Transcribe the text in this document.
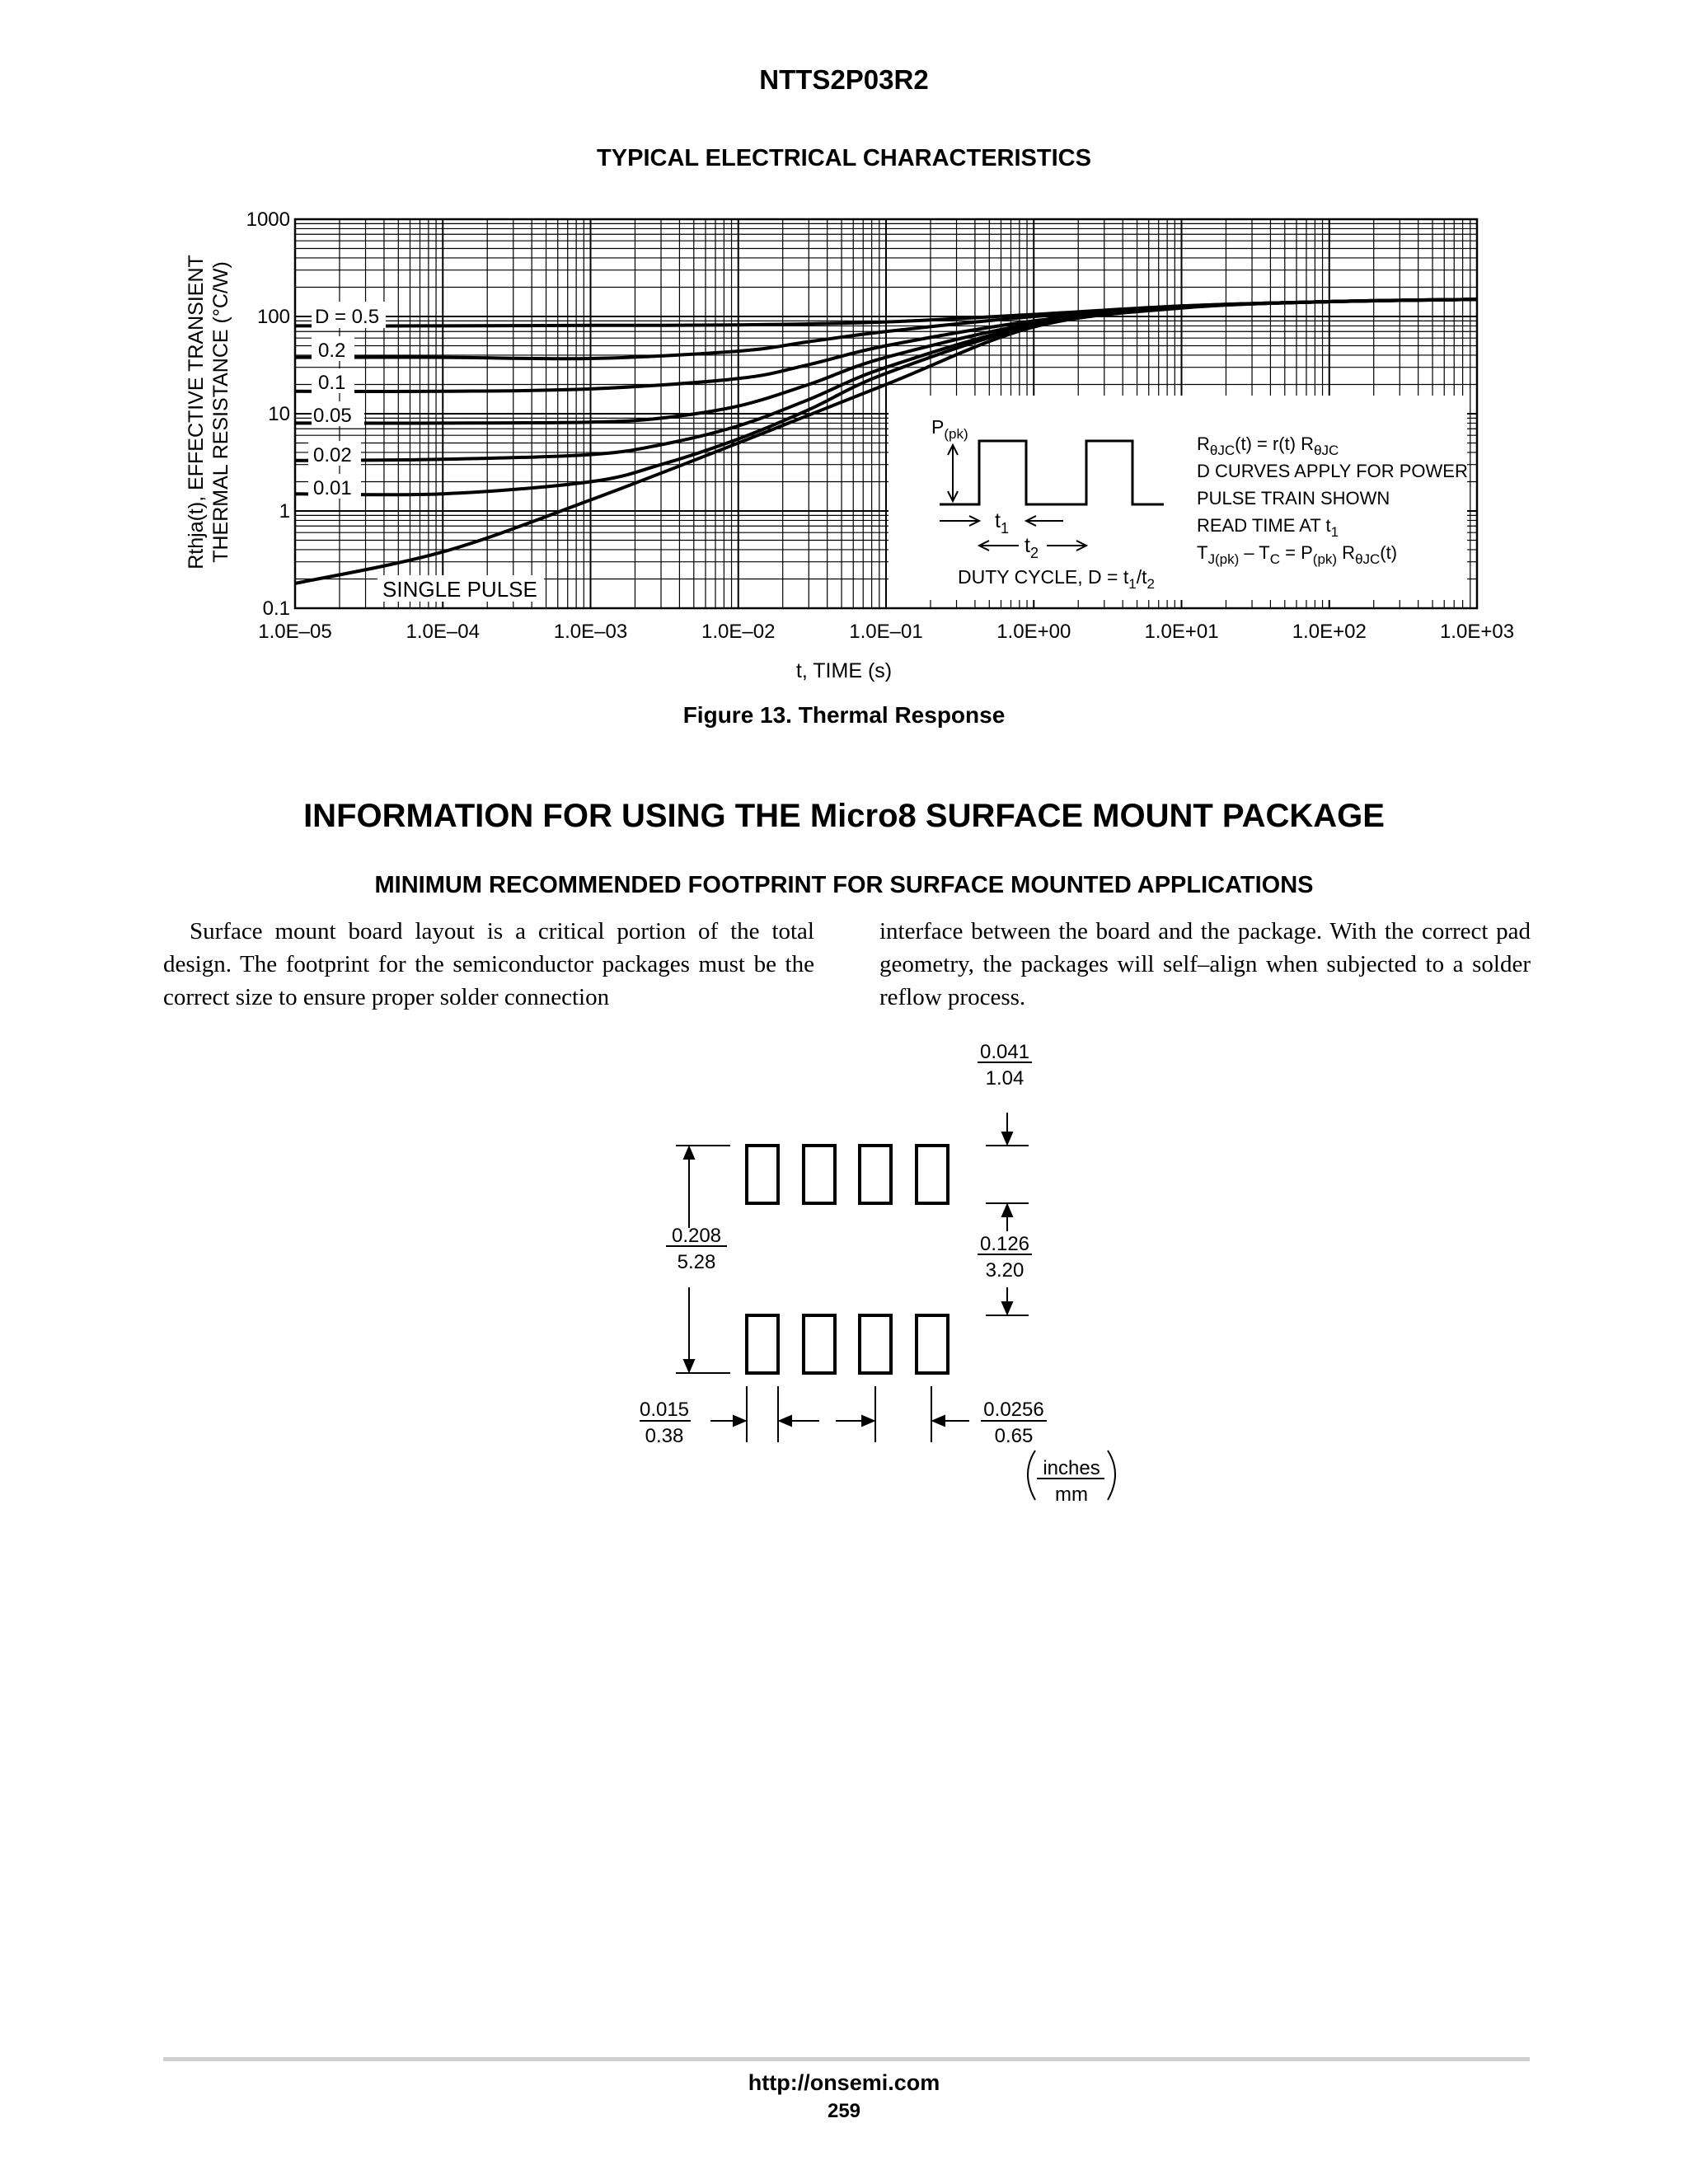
NTTS2P03R2
TYPICAL ELECTRICAL CHARACTERISTICS
1.0E–05	1.0E–04	1.0E–03	1.0E–02	1.0E–01	1.0E+00	1.0E+01	1.0E+02	1.0E+03
1000
100
10
1
0.1
D = 0.5
0.2
0.1
0.05
0.02
0.01
SINGLE PULSE
$P_{(pk)}$
$t_1$
$t_2$
DUTY CYCLE, $D = t_1/t_2$
$R_{\theta JC}(t) = r(t)$ $R_{\theta JC}$
D CURVES APPLY FOR POWER
PULSE TRAIN SHOWN
READ TIME AT $t_1$
$T_{J(pk)} - T_C = P_{(pk)}$ $R_{\theta JC}(t)$
t, TIME (s)
Rthja(t), EFFECTIVE TRANSIENT THERMAL RESISTANCE (°C/W)
Figure 13. Thermal Response
INFORMATION FOR USING THE Micro8 SURFACE MOUNT PACKAGE
MINIMUM RECOMMENDED FOOTPRINT FOR SURFACE MOUNTED APPLICATIONS
Surface mount board layout is a critical portion of the total design. The footprint for the semiconductor packages must be the correct size to ensure proper solder connection
interface between the board and the package. With the correct pad geometry, the packages will self–align when subjected to a solder reflow process.
0.041
1.04
0.208
5.28
0.126
3.20
0.015
0.38
0.0256
0.65
inches
mm
http://onsemi.com
259
